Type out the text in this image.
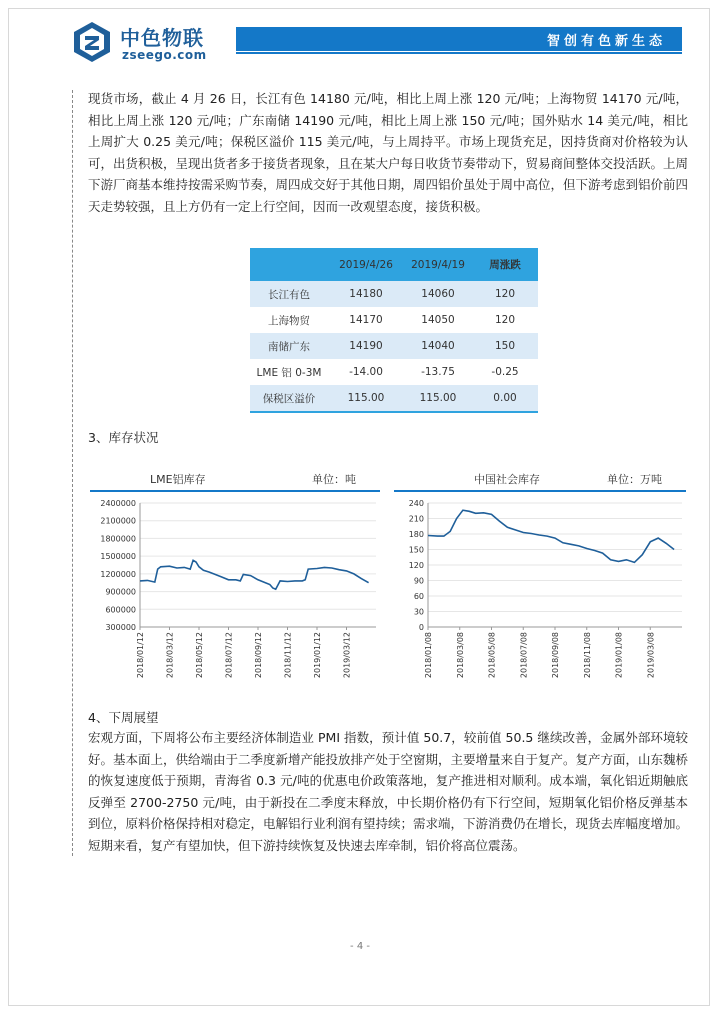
中色物联
zseego.com
智创有色新生态

现货市场，截止 4 月 26 日，长江有色 14180 元/吨，相比上周上涨 120 元/吨；上海物贸 14170 元/吨，相比上周上涨 120 元/吨；广东南储 14190 元/吨，相比上周上涨 150 元/吨；国外贴水 14 美元/吨，相比上周扩大 0.25 美元/吨；保税区溢价 115 美元/吨，与上周持平。市场上现货充足，因持货商对价格较为认可，出货积极，呈现出货者多于接货者现象，且在某大户每日收货节奏带动下，贸易商间整体交投活跃。上周下游厂商基本维持按需采购节奏，周四成交好于其他日期，周四铝价虽处于周中高位，但下游考虑到铝价前四天走势较强，且上方仍有一定上行空间，因而一改观望态度，接货积极。

	2019/4/26	2019/4/19	周涨跌
长江有色	14180	14060	120
上海物贸	14170	14050	120
南储广东	14190	14040	150
LME 铝 0-3M	-14.00	-13.75	-0.25
保税区溢价	115.00	115.00	0.00
3、库存状况
LME铝库存	单位：吨
300000
600000
900000
1200000
1500000
1800000
2100000
2400000
2018/01/12	2018/03/12	2018/05/12	2018/07/12	2018/09/12	2018/11/12	2019/01/12	2019/03/12
中国社会库存	单位：万吨
0
30
60
90
120
150
180
210
240
2018/01/08	2018/03/08	2018/05/08	2018/07/08	2018/09/08	2018/11/08	2019/01/08	2019/03/08
4、下周展望

宏观方面，下周将公布主要经济体制造业 PMI 指数，预计值 50.7，较前值 50.5 继续改善，金属外部环境较好。基本面上，供给端由于二季度新增产能投放排产处于空窗期，主要增量来自于复产。复产方面，山东魏桥的恢复速度低于预期，青海省 0.3 元/吨的优惠电价政策落地，复产推进相对顺利。成本端，氧化铝近期触底反弹至 2700-2750 元/吨，由于新投在二季度末释放，中长期价格仍有下行空间，短期氧化铝价格反弹基本到位，原料价格保持相对稳定，电解铝行业利润有望持续；需求端，下游消费仍在增长，现货去库幅度增加。短期来看，复产有望加快，但下游持续恢复及快速去库牵制，铝价将高位震荡。

- 4 -
